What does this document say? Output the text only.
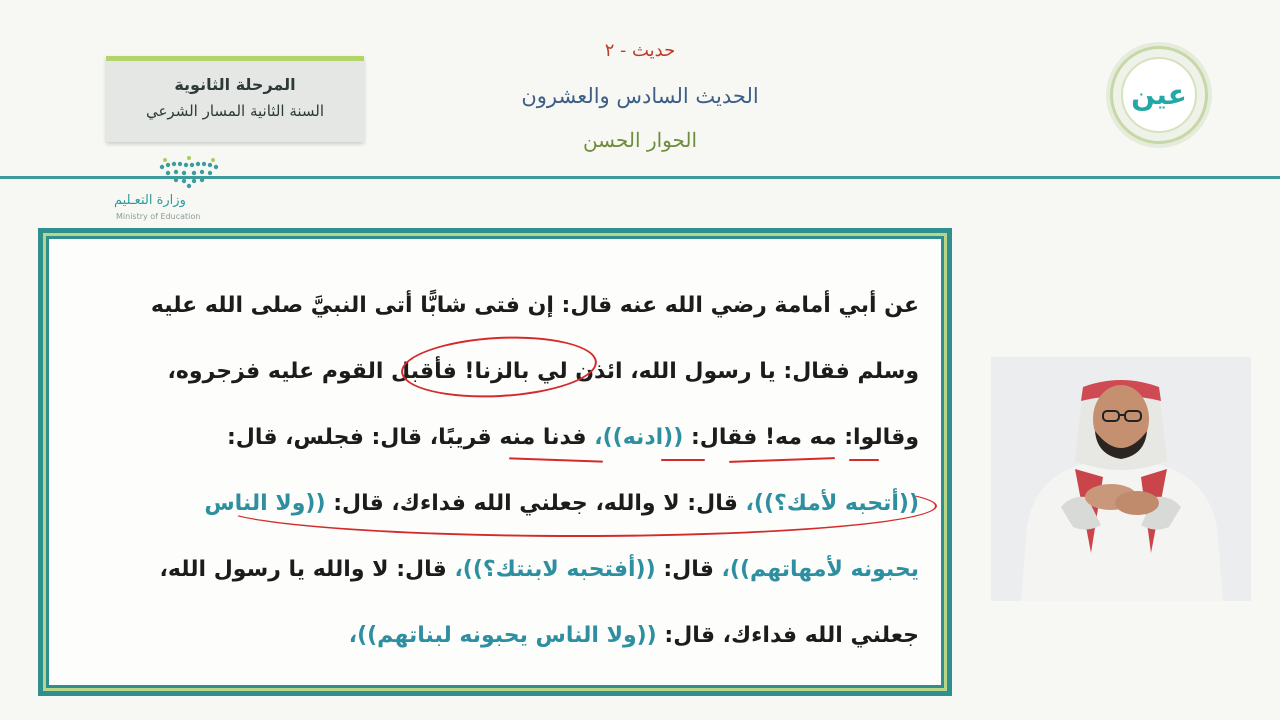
المرحلة الثانوية
السنة الثانية المسار الشرعي
وزارة التعـليم
Ministry of Education
حديث - ٢
الحديث السادس والعشرون
الحوار الحسن
عين
عن أبي أمامة رضي الله عنه قال: إن فتى شابًّا أتى النبيَّ صلى الله عليه
وسلم فقال: يا رسول الله، ائذن لي بالزنا! فأقبل القوم عليه فزجروه،
وقالوا: مه مه! فقال: ((ادنه))، فدنا منه قريبًا، قال: فجلس، قال:
((أتحبه لأمك؟))، قال: لا والله، جعلني الله فداءك، قال: ((ولا الناس
يحبونه لأمهاتهم))، قال: ((أفتحبه لابنتك؟))، قال: لا والله يا رسول الله،
جعلني الله فداءك، قال: ((ولا الناس يحبونه لبناتهم))،
